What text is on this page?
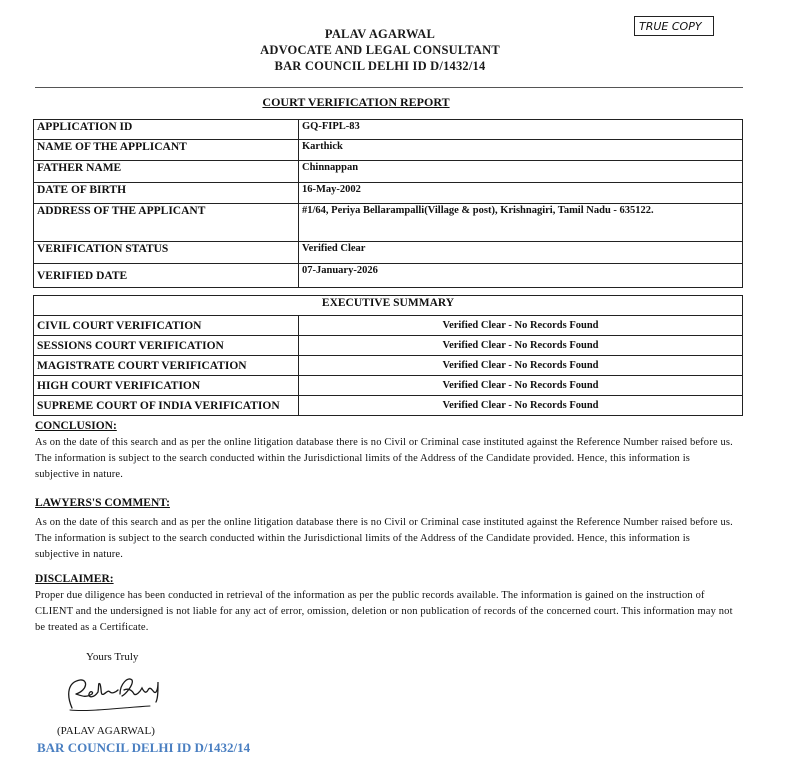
PALAV AGARWAL
ADVOCATE AND LEGAL CONSULTANT
BAR COUNCIL DELHI ID D/1432/14
TRUE COPY
COURT VERIFICATION REPORT
APPLICATION ID	GQ-FIPL-83
NAME OF THE APPLICANT	Karthick
FATHER NAME	Chinnappan
DATE OF BIRTH	16-May-2002
ADDRESS OF THE APPLICANT	#1/64, Periya Bellarampalli(Village & post), Krishnagiri, Tamil Nadu - 635122.
VERIFICATION STATUS	Verified Clear
VERIFIED DATE	07-January-2026
EXECUTIVE SUMMARY	
CIVIL COURT VERIFICATION	Verified Clear - No Records Found
SESSIONS COURT VERIFICATION	Verified Clear - No Records Found
MAGISTRATE COURT VERIFICATION	Verified Clear - No Records Found
HIGH COURT VERIFICATION	Verified Clear - No Records Found
SUPREME COURT OF INDIA VERIFICATION	Verified Clear - No Records Found
CONCLUSION:
As on the date of this search and as per the online litigation database there is no Civil or Criminal case instituted against the Reference Number raised before us. The information is subject to the search conducted within the Jurisdictional limits of the Address of the Candidate provided. Hence, this information is subjective in nature.
LAWYERS'S COMMENT:
As on the date of this search and as per the online litigation database there is no Civil or Criminal case instituted against the Reference Number raised before us. The information is subject to the search conducted within the Jurisdictional limits of the Address of the Candidate provided. Hence, this information is subjective in nature.
DISCLAIMER:
Proper due diligence has been conducted in retrieval of the information as per the public records available. The information is gained on the instruction of CLIENT and the undersigned is not liable for any act of error, omission, deletion or non publication of records of the concerned court. This information may not be treated as a Certificate.
Yours Truly
(PALAV AGARWAL)
BAR COUNCIL DELHI ID D/1432/14
